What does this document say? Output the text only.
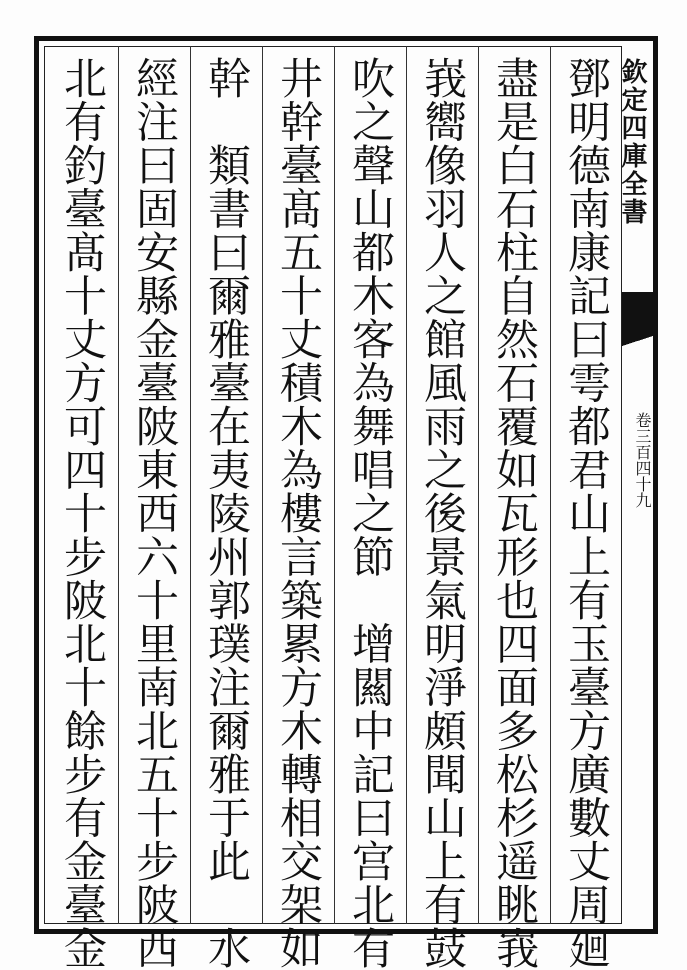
欽定四庫全書
卷三百四十九
鄧明德南康記曰雩都君山上有玉臺方廣數丈周廻
盡是白石柱自然石覆如瓦形也四面多松杉遥眺峩
峩嚮像羽人之館風雨之後景氣明淨頗聞山上有鼓
吹之聲山都木客為舞唱之節　增闗中記曰宫北有
井幹臺髙五十丈積木為樓言築累方木轉相交架如
幹　類書曰爾雅臺在夷陵州郭璞注爾雅于此　水
經注曰固安縣金臺陂東西六十里南北五十步陂西
北有釣臺髙十丈方可四十步陂北十餘步有金臺金
